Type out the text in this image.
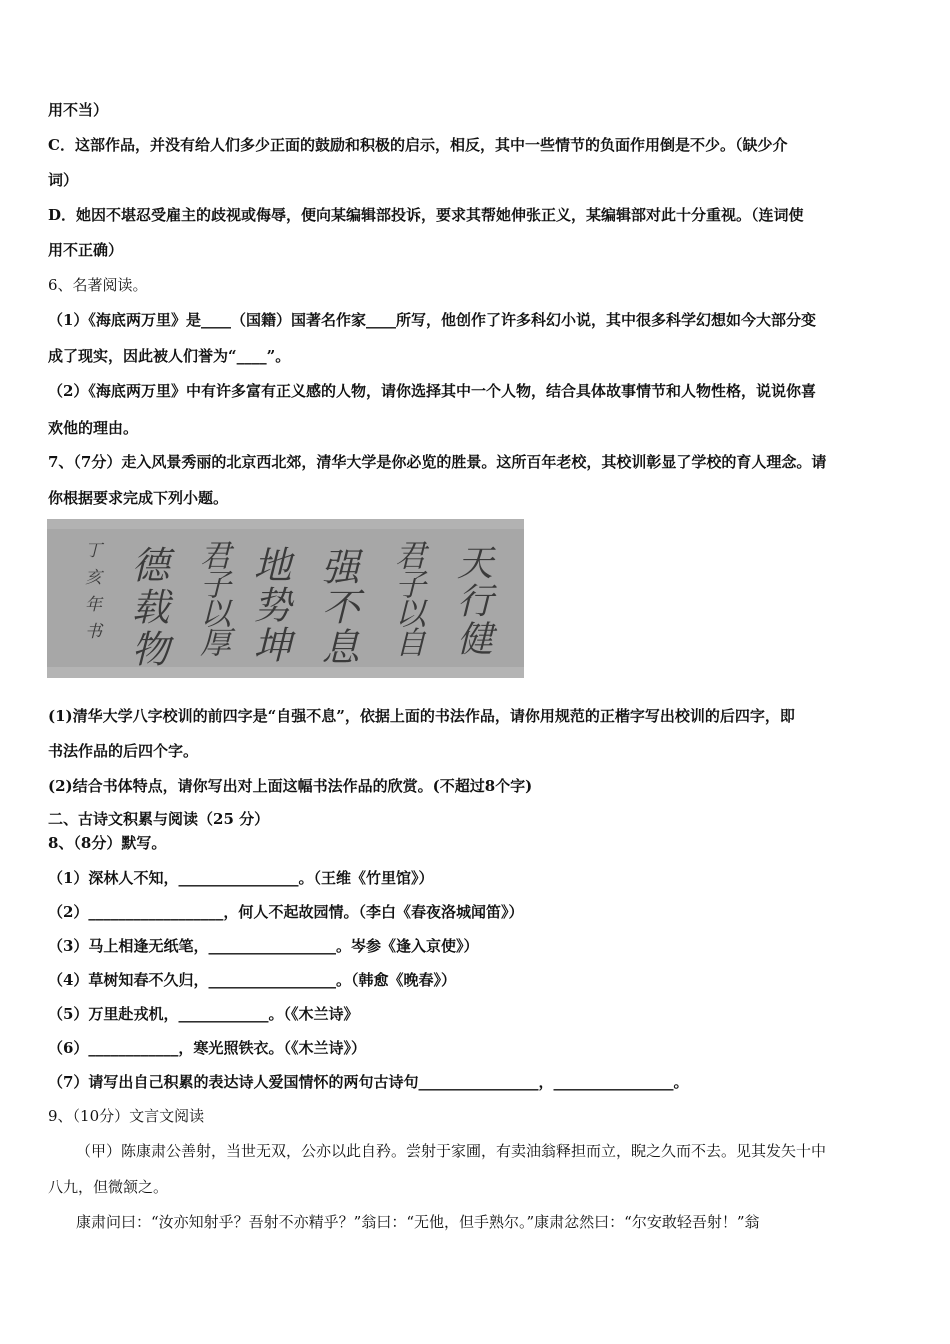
用不当）
C．这部作品，并没有给人们多少正面的鼓励和积极的启示，相反，其中一些情节的负面作用倒是不少。（缺少介
词）
D．她因不堪忍受雇主的歧视或侮辱，便向某编辑部投诉，要求其帮她伸张正义，某编辑部对此十分重视。（连词使
用不正确）
6、名著阅读。
（1）《海底两万里》是____（国籍）国著名作家____所写，他创作了许多科幻小说，其中很多科学幻想如今大部分变
成了现实，因此被人们誉为“____”。
（2）《海底两万里》中有许多富有正义感的人物，请你选择其中一个人物，结合具体故事情节和人物性格，说说你喜
欢他的理由。
7、（7分）走入风景秀丽的北京西北郊，清华大学是你必览的胜景。这所百年老校，其校训彰显了学校的育人理念。请
你根据要求完成下列小题。
天行健
君子以自
强不息
地势坤
君子以厚
德载物
丁亥年书
(1)清华大学八字校训的前四字是“自强不息”，依据上面的书法作品，请你用规范的正楷字写出校训的后四字，即
书法作品的后四个字。
(2)结合书体特点，请你写出对上面这幅书法作品的欣赏。(不超过8个字)
二、古诗文积累与阅读（25 分）
8、（8分）默写。
（1）深林人不知，________________。（王维《竹里馆》）
（2）__________________，何人不起故园情。（李白《春夜洛城闻笛》）
（3）马上相逢无纸笔，_________________。岑参《逢入京使》）
（4）草树知春不久归，_________________。（韩愈《晚春》）
（5）万里赴戎机，____________。（《木兰诗》
（6）____________，寒光照铁衣。（《木兰诗》）
（7）请写出自己积累的表达诗人爱国情怀的两句古诗句________________，________________。
9、（10分）文言文阅读
（甲）陈康肃公善射，当世无双，公亦以此自矜。尝射于家圃，有卖油翁释担而立，睨之久而不去。见其发矢十中
八九，但微颔之。
康肃问曰：“汝亦知射乎？吾射不亦精乎？”翁曰：“无他，但手熟尔。”康肃忿然曰：“尔安敢轻吾射！”翁
